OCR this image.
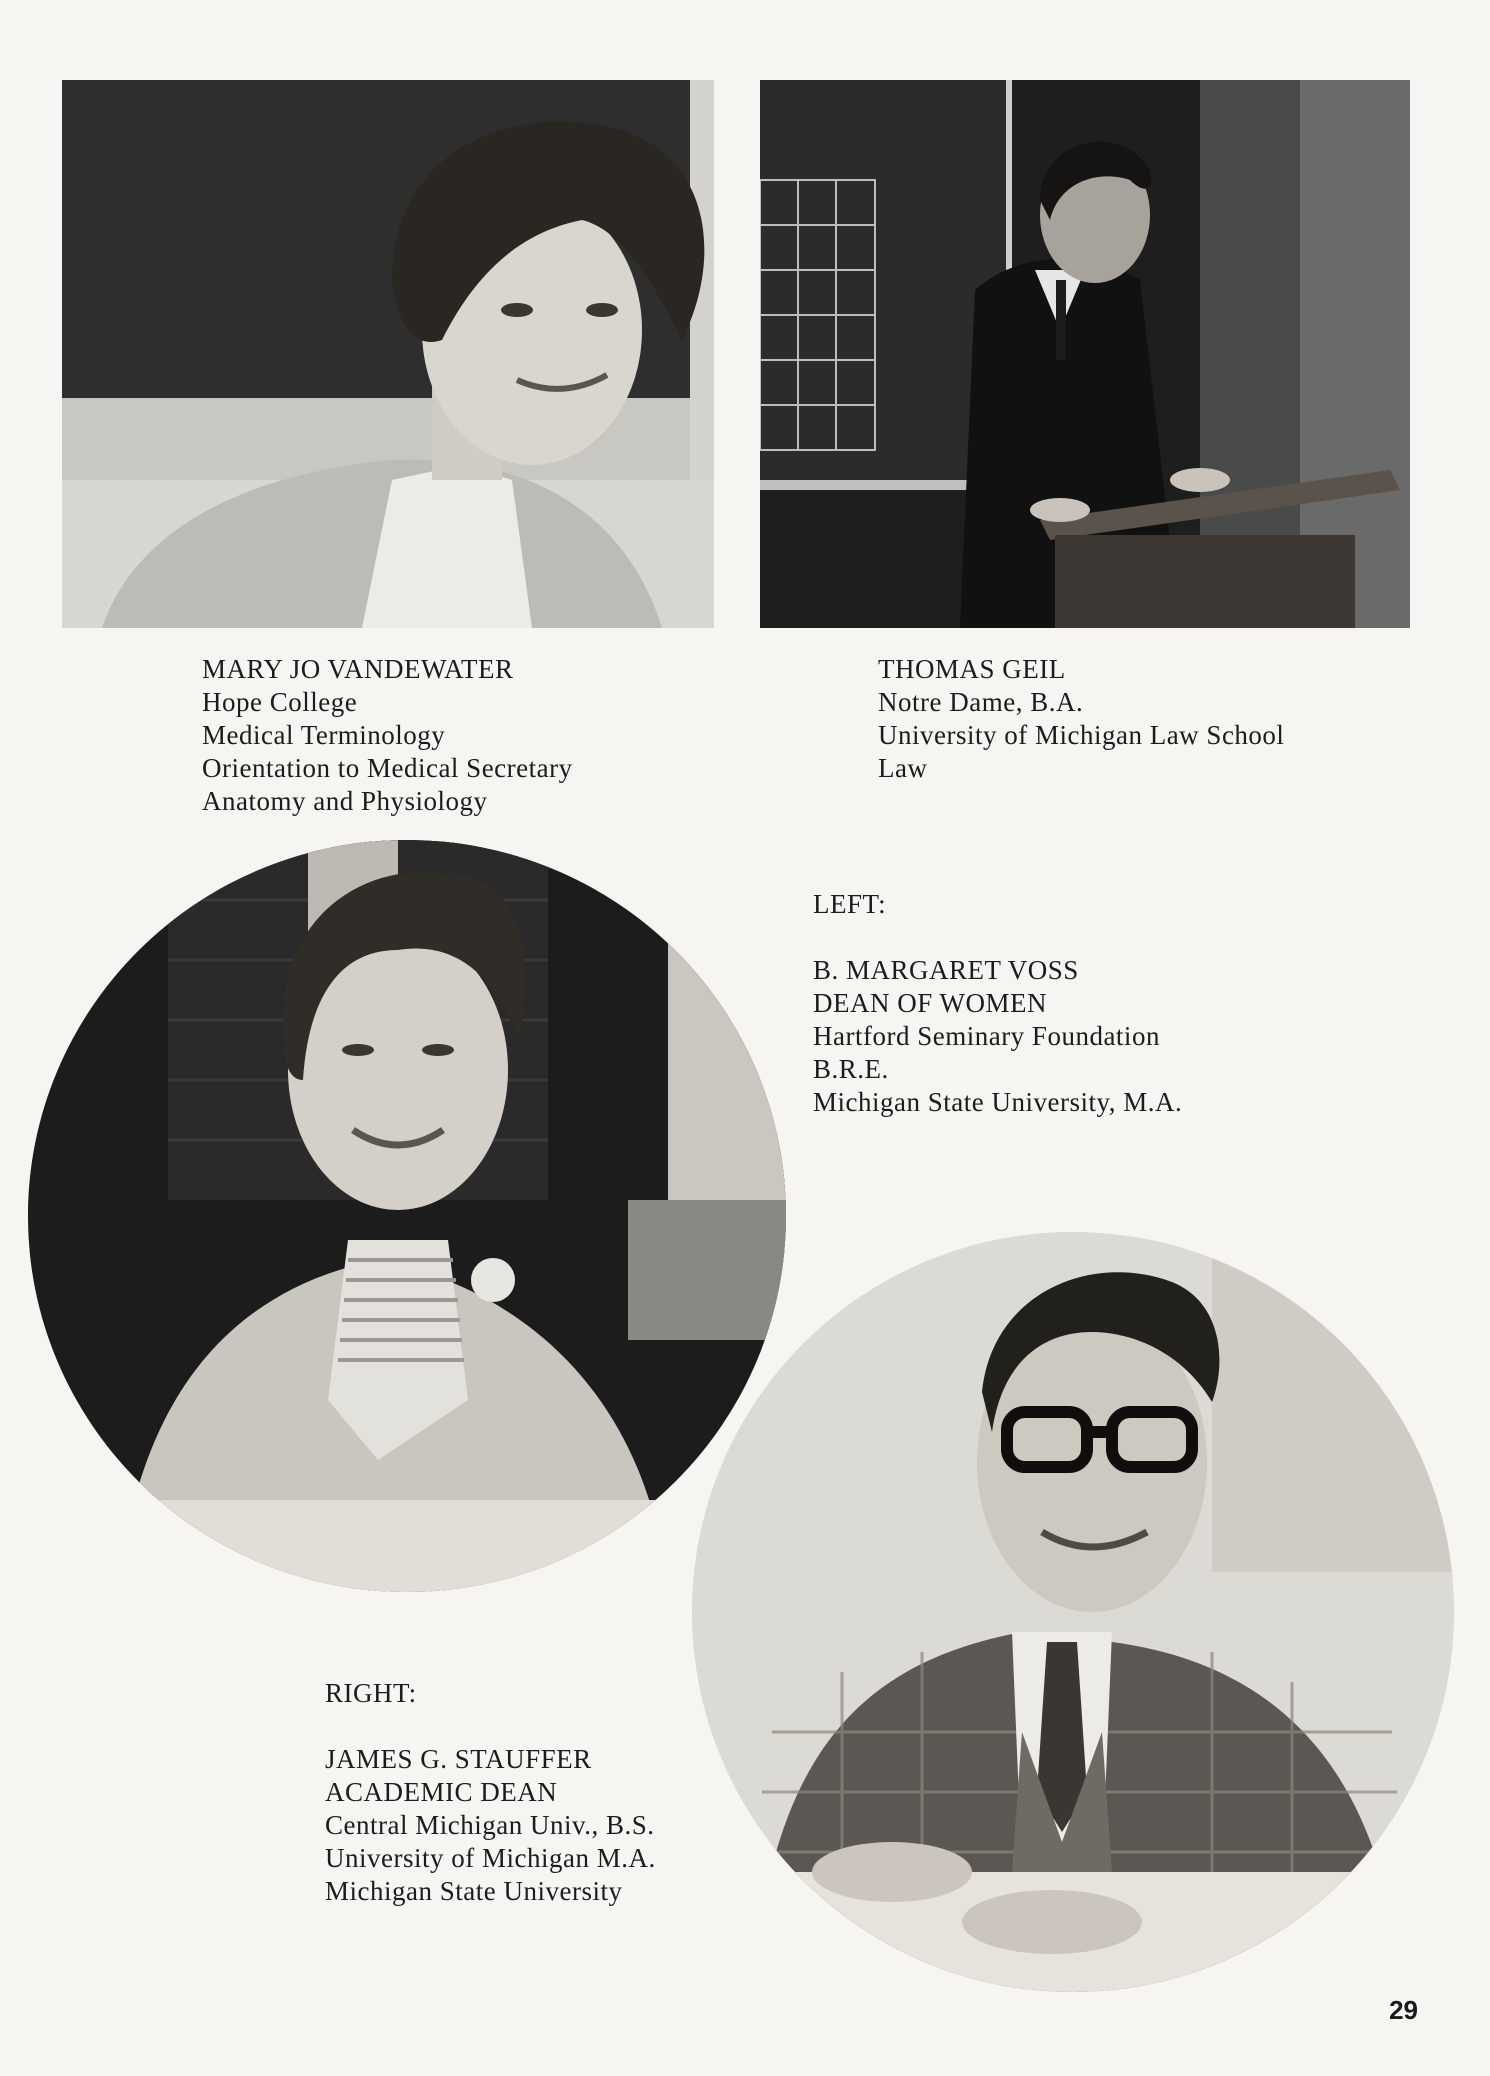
MARY JO VANDEWATER
Hope College
Medical Terminology
Orientation to Medical Secretary
Anatomy and Physiology
THOMAS GEIL
Notre Dame, B.A.
University of Michigan Law School
Law
LEFT:
B. MARGARET VOSS
DEAN OF WOMEN
Hartford Seminary Foundation
B.R.E.
Michigan State University, M.A.
RIGHT:
JAMES G. STAUFFER
ACADEMIC DEAN
Central Michigan Univ., B.S.
University of Michigan M.A.
Michigan State University
29
